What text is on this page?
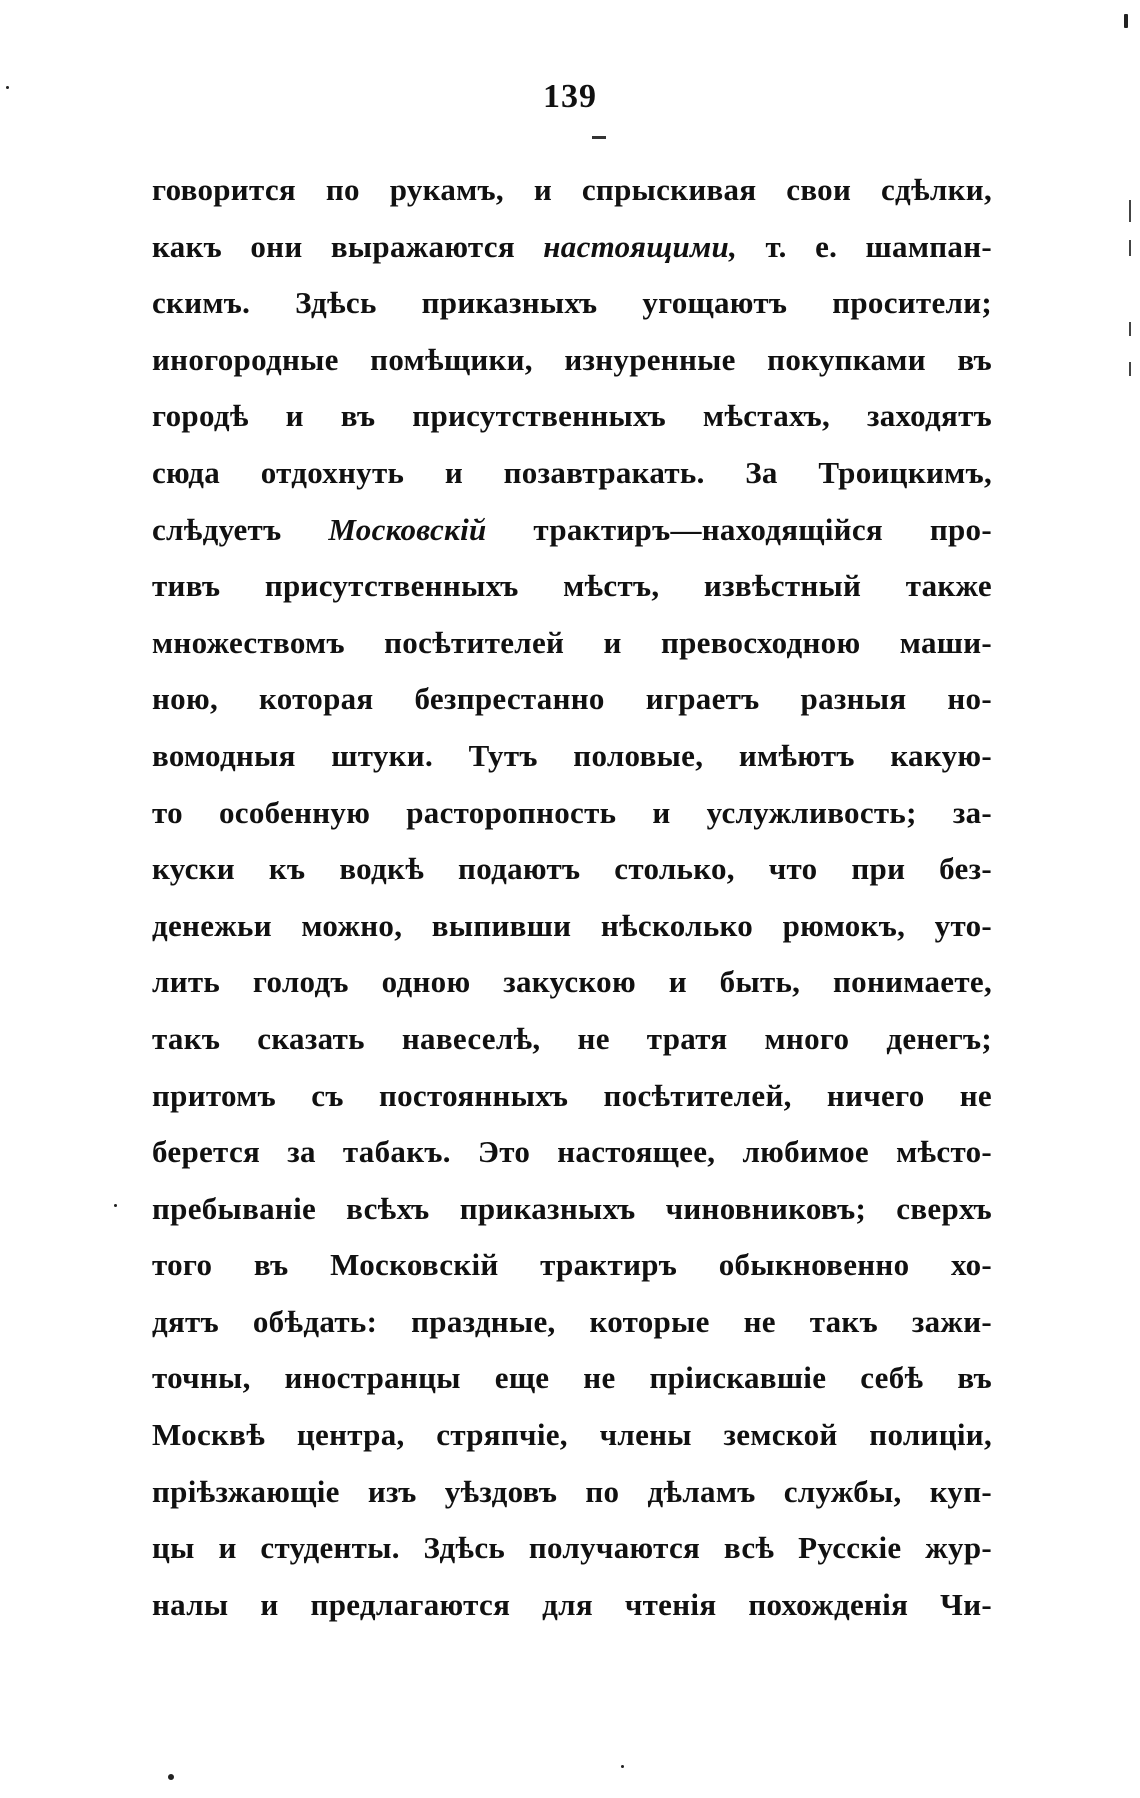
139
говорится по рукамъ, и спрыскивая свои сдѣлки,
какъ они выражаются настоящими, т. е. шампан-
скимъ. Здѣсь приказныхъ угощаютъ просители;
иногородные помѣщики, изнуренные покупками въ
городѣ и въ присутственныхъ мѣстахъ, заходятъ
сюда отдохнуть и позавтракать. За Троицкимъ,
слѣдуетъ Московскій трактиръ—находящійся про-
тивъ присутственныхъ мѣстъ, извѣстный также
множествомъ посѣтителей и превосходною маши-
ною, которая безпрестанно играетъ разныя но-
вомодныя штуки. Тутъ половые, имѣютъ какую-
то особенную расторопность и услужливость; за-
куски къ водкѣ подаютъ столько, что при без-
денежьи можно, выпивши нѣсколько рюмокъ, уто-
лить голодъ одною закускою и быть, понимаете,
такъ сказать навеселѣ, не тратя много денегъ;
притомъ съ постоянныхъ посѣтителей, ничего не
берется за табакъ. Это настоящее, любимое мѣсто-
пребываніе всѣхъ приказныхъ чиновниковъ; сверхъ
того въ Московскій трактиръ обыкновенно хо-
дятъ обѣдать: праздные, которые не такъ зажи-
точны, иностранцы еще не пріискавшіе себѣ въ
Москвѣ центра, стряпчіе, члены земской полиціи,
пріѣзжающіе изъ уѣздовъ по дѣламъ службы, куп-
цы и студенты. Здѣсь получаются всѣ Русскіе жур-
налы и предлагаются для чтенія похожденія Чи-
